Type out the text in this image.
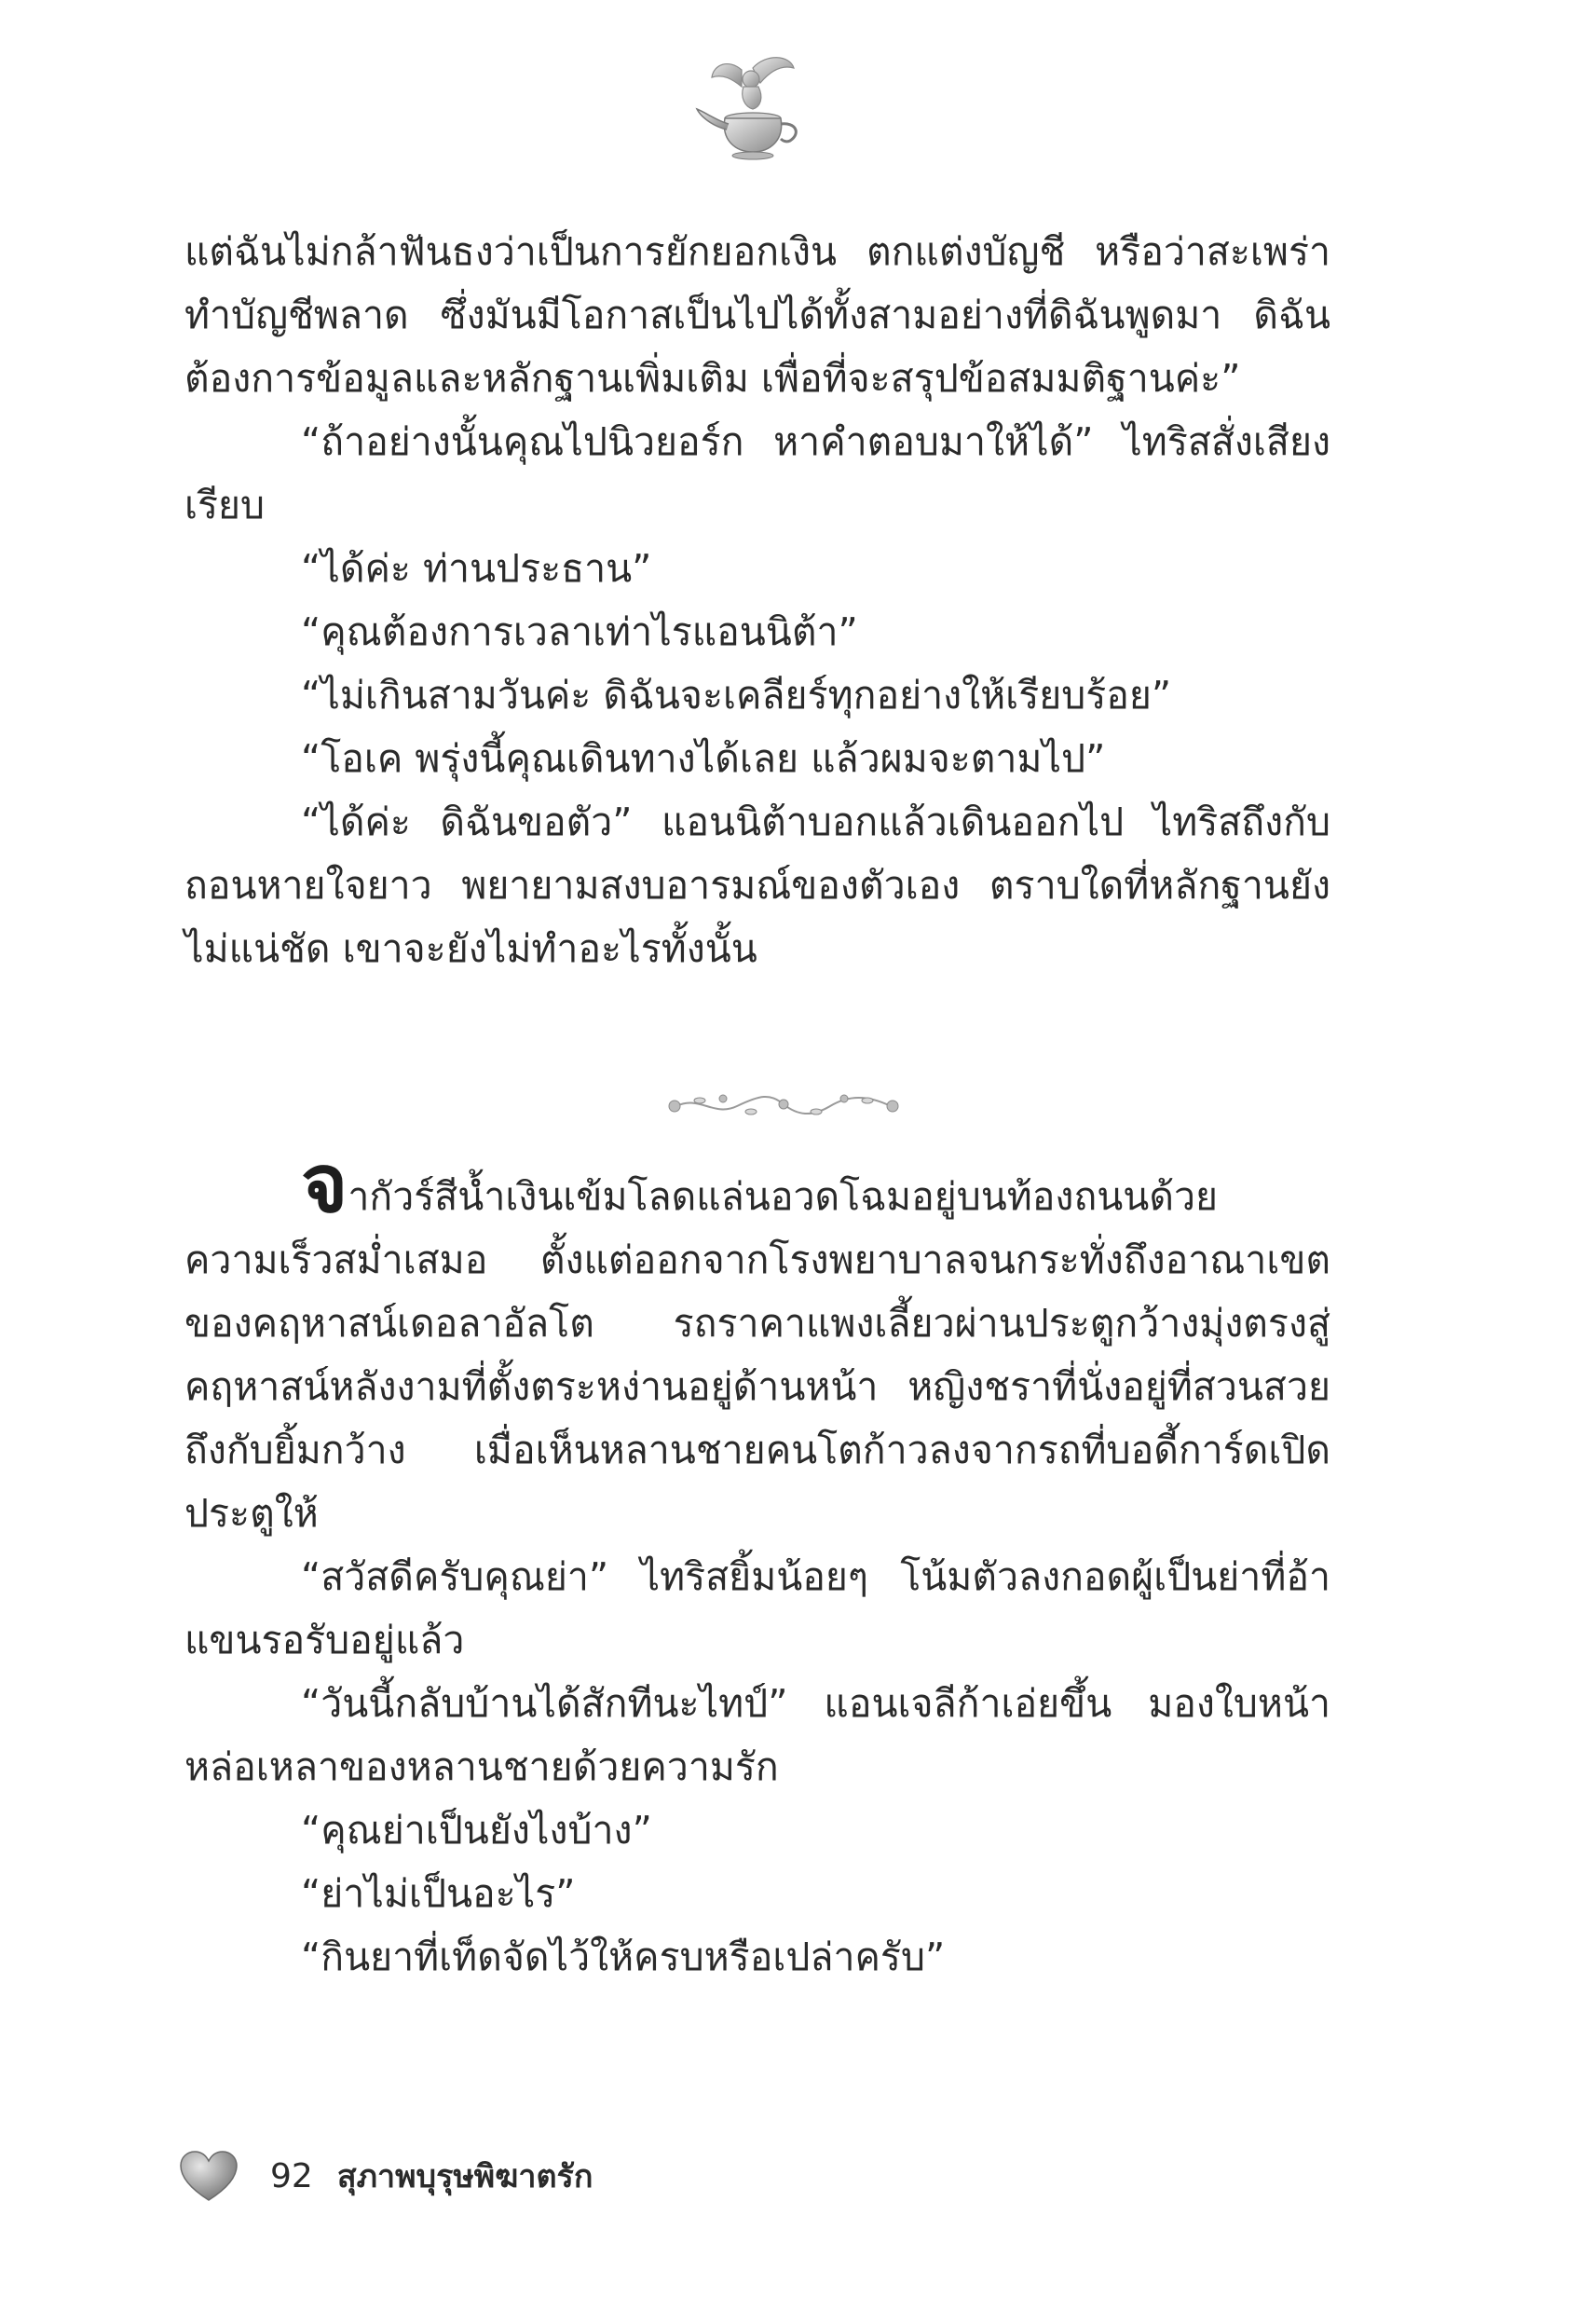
แต่ฉันไม่กล้าฟันธงว่าเป็นการยักยอกเงิน ตกแต่งบัญชี หรือว่าสะเพร่าทำบัญชีพลาด ซึ่งมันมีโอกาสเป็นไปได้ทั้งสามอย่างที่ดิฉันพูดมา ดิฉันต้องการข้อมูลและหลักฐานเพิ่มเติม เพื่อที่จะสรุปข้อสมมติฐานค่ะ”

“ถ้าอย่างนั้นคุณไปนิวยอร์ก หาคำตอบมาให้ได้” ไทริสสั่งเสียงเรียบ

“ได้ค่ะ ท่านประธาน”

“คุณต้องการเวลาเท่าไรแอนนิต้า”

“ไม่เกินสามวันค่ะ ดิฉันจะเคลียร์ทุกอย่างให้เรียบร้อย”

“โอเค พรุ่งนี้คุณเดินทางได้เลย แล้วผมจะตามไป”

“ได้ค่ะ ดิฉันขอตัว” แอนนิต้าบอกแล้วเดินออกไป ไทริสถึงกับถอนหายใจยาว พยายามสงบอารมณ์ของตัวเอง ตราบใดที่หลักฐานยังไม่แน่ชัด เขาจะยังไม่ทำอะไรทั้งนั้น

จากัวร์สีน้ำเงินเข้มโลดแล่นอวดโฉมอยู่บนท้องถนนด้วยความเร็วสม่ำเสมอ ตั้งแต่ออกจากโรงพยาบาลจนกระทั่งถึงอาณาเขตของคฤหาสน์เดอลาอัลโต รถราคาแพงเลี้ยวผ่านประตูกว้างมุ่งตรงสู่คฤหาสน์หลังงามที่ตั้งตระหง่านอยู่ด้านหน้า หญิงชราที่นั่งอยู่ที่สวนสวยถึงกับยิ้มกว้าง เมื่อเห็นหลานชายคนโตก้าวลงจากรถที่บอดี้การ์ดเปิดประตูให้

“สวัสดีครับคุณย่า” ไทริสยิ้มน้อยๆ โน้มตัวลงกอดผู้เป็นย่าที่อ้าแขนรอรับอยู่แล้ว

“วันนี้กลับบ้านได้สักทีนะไทป์” แอนเจลีก้าเอ่ยขึ้น มองใบหน้าหล่อเหลาของหลานชายด้วยความรัก

“คุณย่าเป็นยังไงบ้าง”

“ย่าไม่เป็นอะไร”

“กินยาที่เท็ดจัดไว้ให้ครบหรือเปล่าครับ”

92 สุภาพบุรุษพิฆาตรัก
